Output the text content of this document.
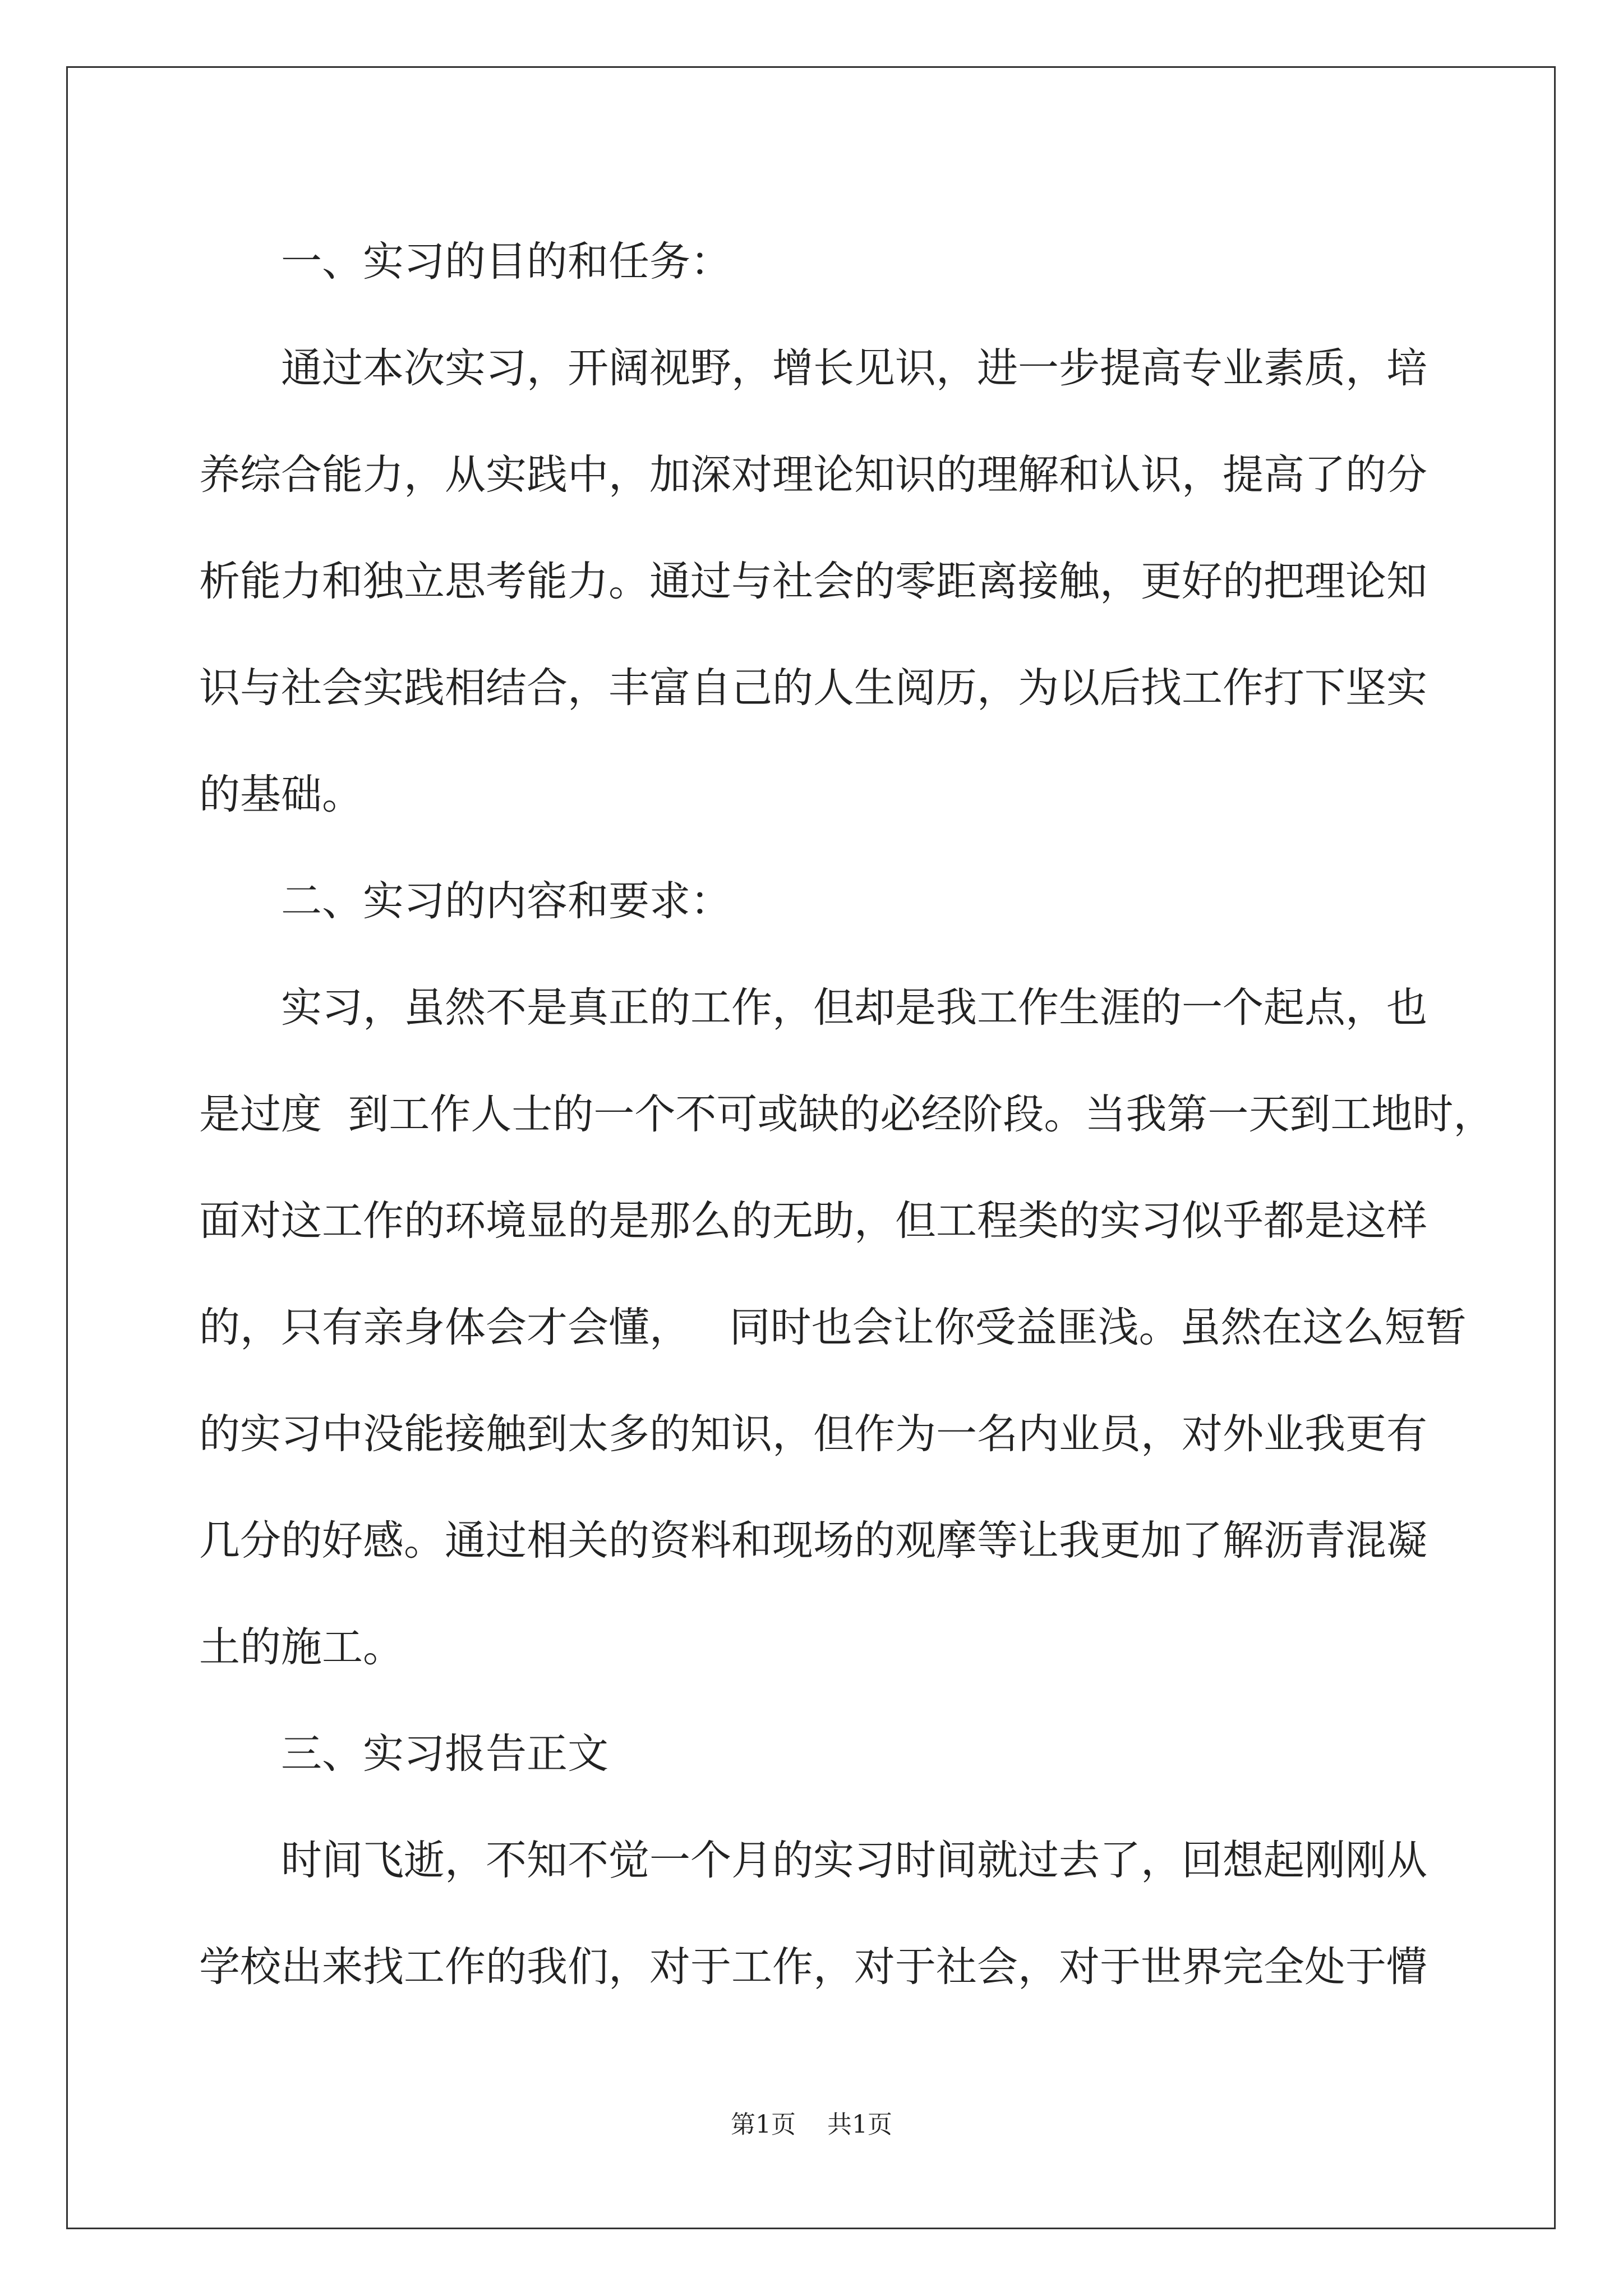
一、实习的目的和任务：
通过本次实习，开阔视野，增长见识，进一步提高专业素质，培
养综合能力，从实践中，加深对理论知识的理解和认识，提高了的分
析能力和独立思考能力。通过与社会的零距离接触，更好的把理论知
识与社会实践相结合，丰富自己的人生阅历，为以后找工作打下坚实
的基础。
二、实习的内容和要求：
实习，虽然不是真正的工作，但却是我工作生涯的一个起点，也
是过度  到工作人士的一个不可或缺的必经阶段。当我第一天到工地时，
面对这工作的环境显的是那么的无助，但工程类的实习似乎都是这样
的，只有亲身体会才会懂，   同时也会让你受益匪浅。虽然在这么短暂
的实习中没能接触到太多的知识，但作为一名内业员，对外业我更有
几分的好感。通过相关的资料和现场的观摩等让我更加了解沥青混凝
土的施工。
三、实习报告正文
时间飞逝，不知不觉一个月的实习时间就过去了，回想起刚刚从
学校出来找工作的我们，对于工作，对于社会，对于世界完全处于懵
第1页    共1页
